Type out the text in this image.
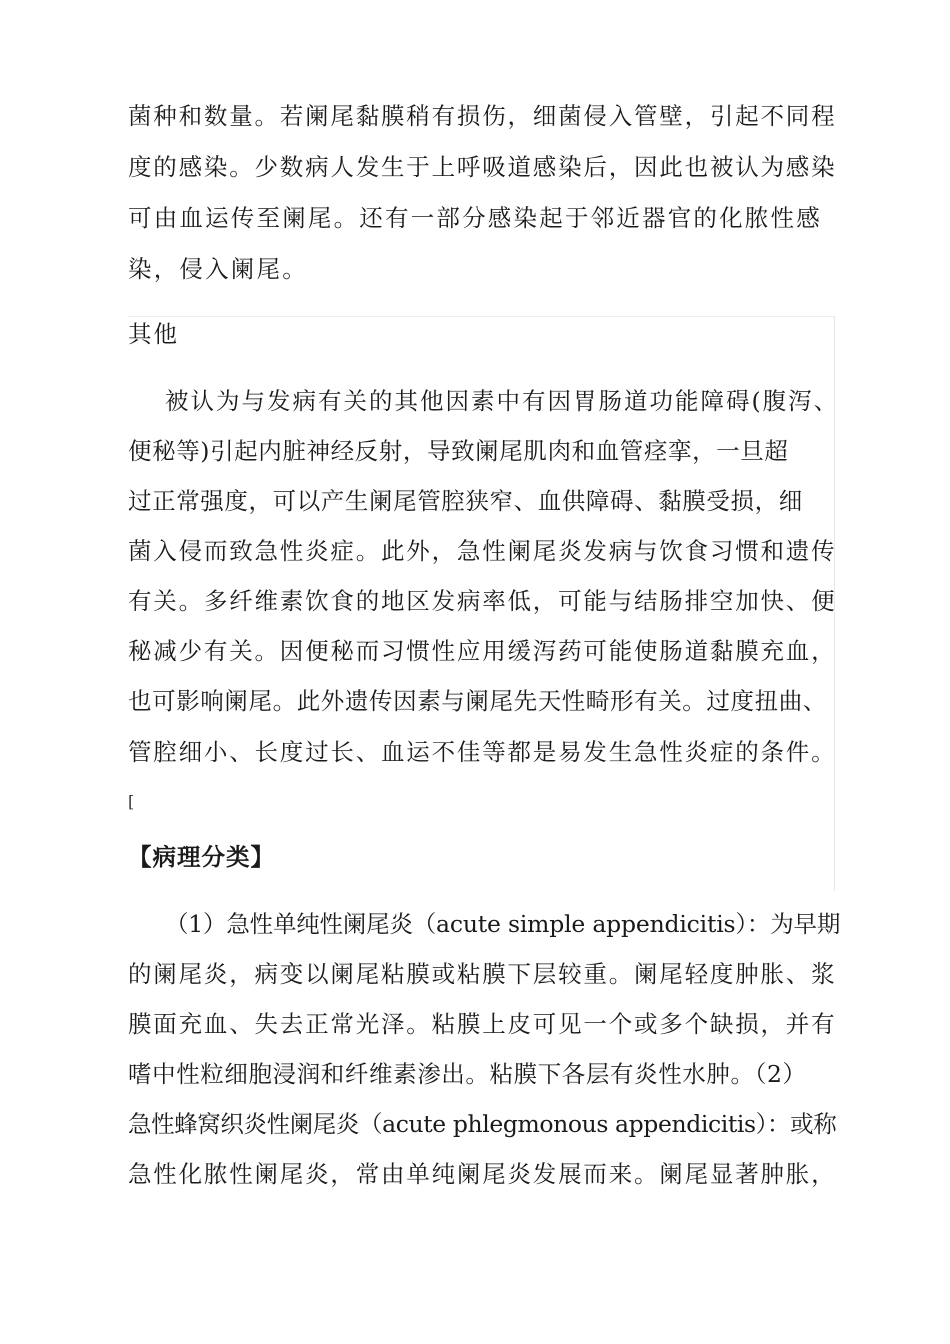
菌种和数量。若阑尾黏膜稍有损伤，细菌侵入管壁，引起不同程
度的感染。少数病人发生于上呼吸道感染后，因此也被认为感染
可由血运传至阑尾。还有一部分感染起于邻近器官的化脓性感
染，侵入阑尾。
其他
被认为与发病有关的其他因素中有因胃肠道功能障碍(腹泻、
便秘等)引起内脏神经反射，导致阑尾肌肉和血管痉挛，一旦超
过正常强度，可以产生阑尾管腔狭窄、血供障碍、黏膜受损，细
菌入侵而致急性炎症。此外，急性阑尾炎发病与饮食习惯和遗传
有关。多纤维素饮食的地区发病率低，可能与结肠排空加快、便
秘减少有关。因便秘而习惯性应用缓泻药可能使肠道黏膜充血，
也可影响阑尾。此外遗传因素与阑尾先天性畸形有关。过度扭曲、
管腔细小、长度过长、血运不佳等都是易发生急性炎症的条件。
[
【病理分类】
（1）急性单纯性阑尾炎（acute simple appendicitis）：为早期
的阑尾炎，病变以阑尾粘膜或粘膜下层较重。阑尾轻度肿胀、浆
膜面充血、失去正常光泽。粘膜上皮可见一个或多个缺损，并有
嗜中性粒细胞浸润和纤维素渗出。粘膜下各层有炎性水肿。（2）
急性蜂窝织炎性阑尾炎（acute phlegmonous appendicitis）：或称
急性化脓性阑尾炎，常由单纯阑尾炎发展而来。阑尾显著肿胀，
